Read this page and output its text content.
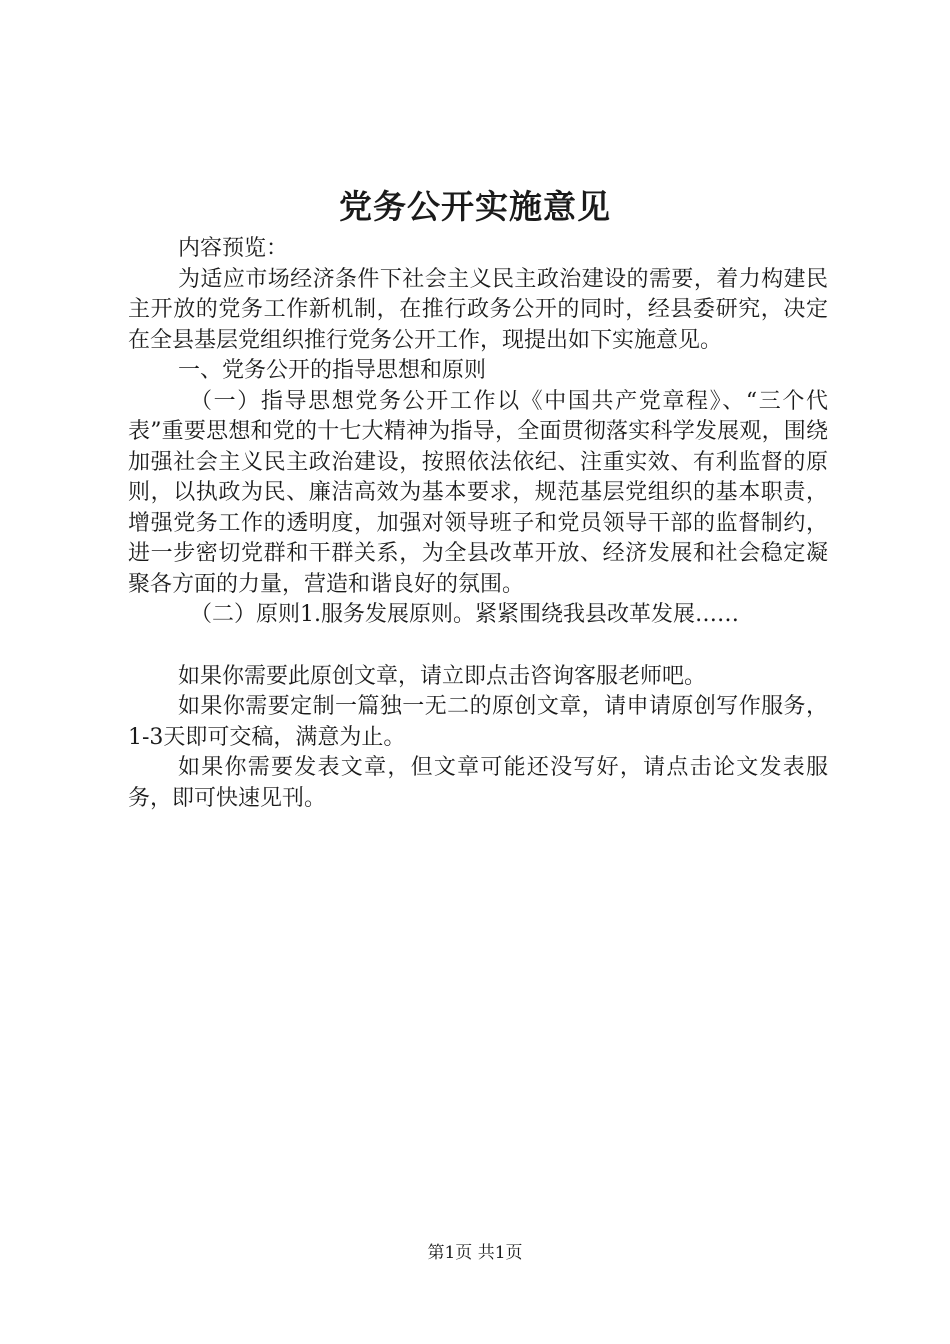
党务公开实施意见

内容预览：

为适应市场经济条件下社会主义民主政治建设的需要，着力构建民主开放的党务工作新机制，在推行政务公开的同时，经县委研究，决定在全县基层党组织推行党务公开工作，现提出如下实施意见。

一、党务公开的指导思想和原则

（一）指导思想党务公开工作以《中国共产党章程》、“三个代表”重要思想和党的十七大精神为指导，全面贯彻落实科学发展观，围绕加强社会主义民主政治建设，按照依法依纪、注重实效、有利监督的原则，以执政为民、廉洁高效为基本要求，规范基层党组织的基本职责，增强党务工作的透明度，加强对领导班子和党员领导干部的监督制约，进一步密切党群和干群关系，为全县改革开放、经济发展和社会稳定凝聚各方面的力量，营造和谐良好的氛围。

（二）原则1.服务发展原则。紧紧围绕我县改革发展……

如果你需要此原创文章，请立即点击咨询客服老师吧。

如果你需要定制一篇独一无二的原创文章，请申请原创写作服务，1-3天即可交稿，满意为止。

如果你需要发表文章，但文章可能还没写好，请点击论文发表服务，即可快速见刊。

第1页 共1页
